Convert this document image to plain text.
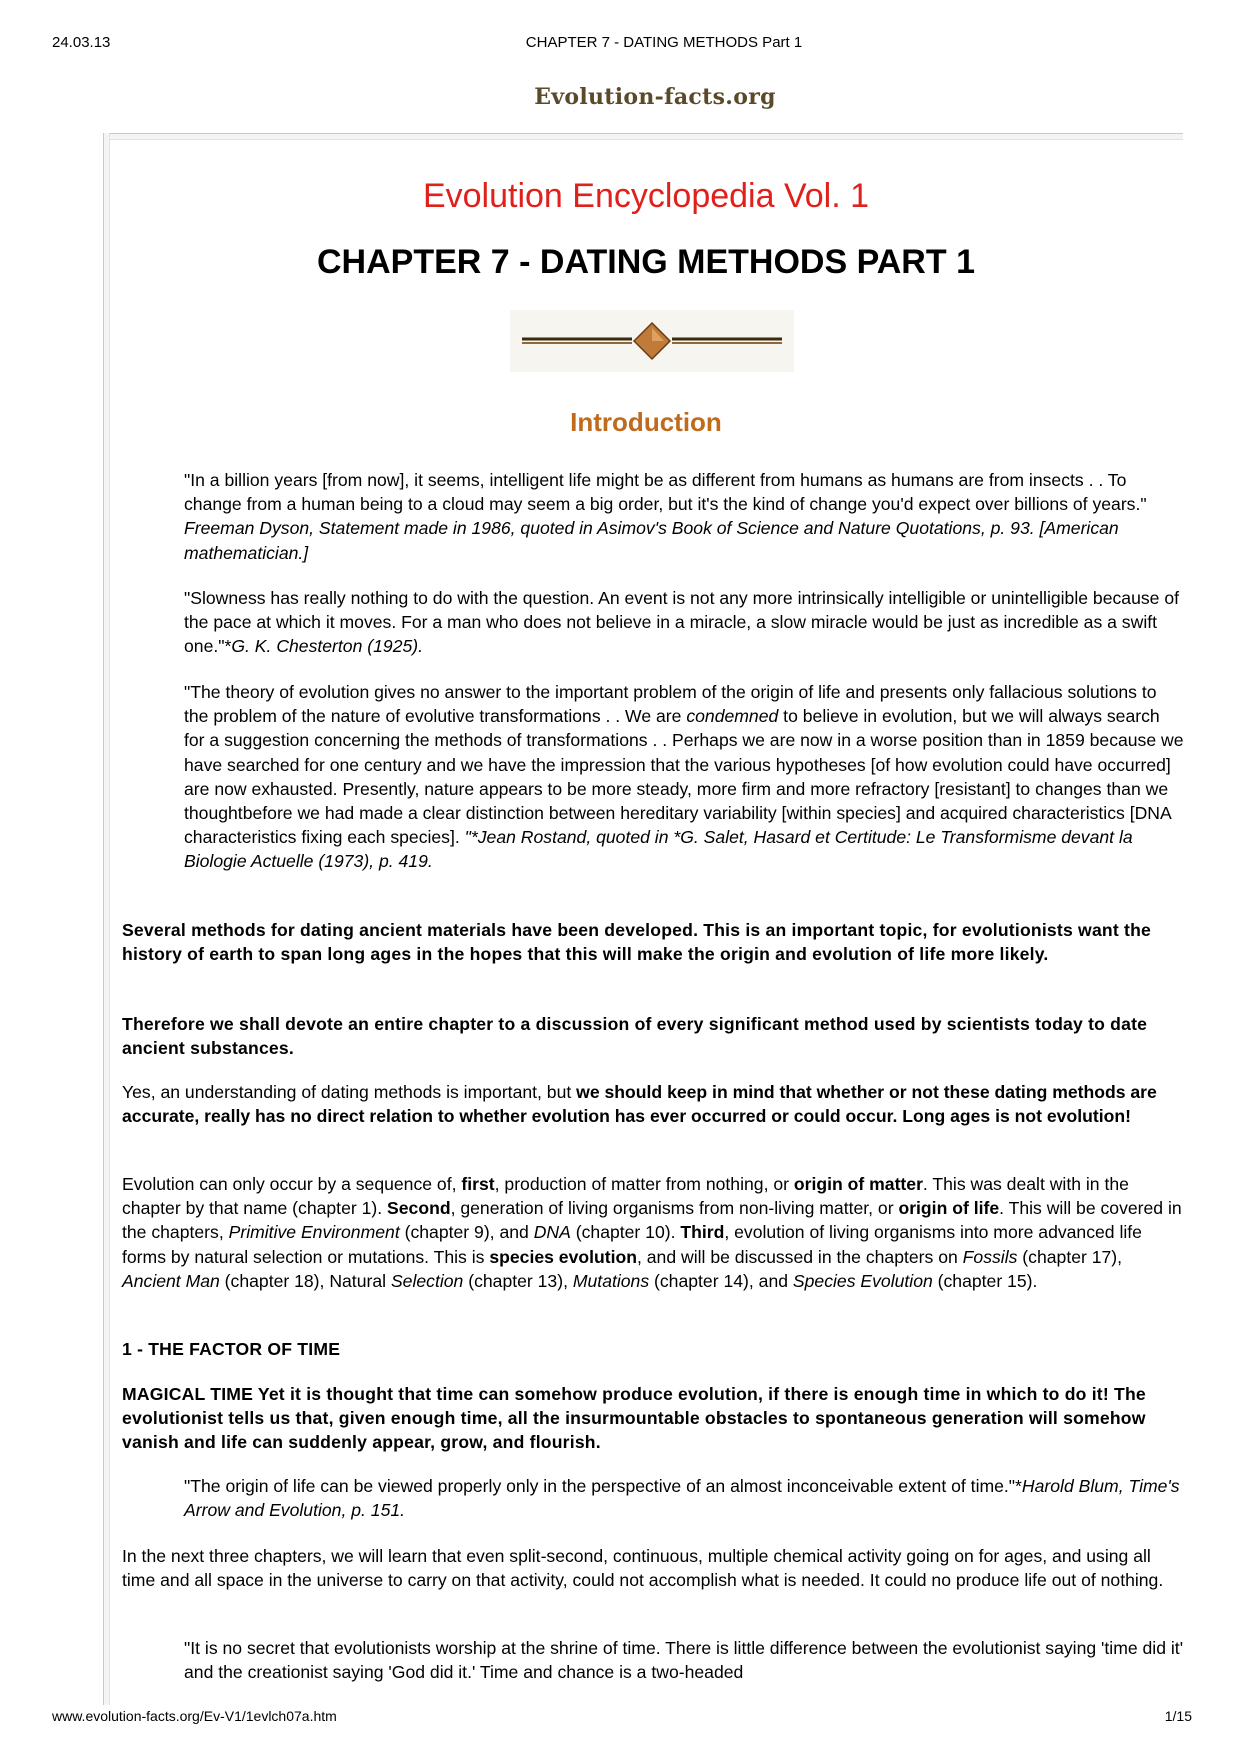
24.03.13	CHAPTER 7 - DATING METHODS Part 1
Evolution-facts.org
Evolution Encyclopedia Vol. 1
CHAPTER 7 - DATING METHODS PART 1
Introduction

"In a billion years [from now], it seems, intelligent life might be as different from humans as humans are from insects . . To change from a human being to a cloud may seem a big order, but it's the kind of change you'd expect over billions of years." Freeman Dyson, Statement made in 1986, quoted in Asimov's Book of Science and Nature Quotations, p. 93. [American mathematician.]

"Slowness has really nothing to do with the question. An event is not any more intrinsically intelligible or unintelligible because of the pace at which it moves. For a man who does not believe in a miracle, a slow miracle would be just as incredible as a swift one."*G. K. Chesterton (1925).

"The theory of evolution gives no answer to the important problem of the origin of life and presents only fallacious solutions to the problem of the nature of evolutive transformations . . We are condemned to believe in evolution, but we will always search for a suggestion concerning the methods of transformations . . Perhaps we are now in a worse position than in 1859 because we have searched for one century and we have the impression that the various hypotheses [of how evolution could have occurred] are now exhausted. Presently, nature appears to be more steady, more firm and more refractory [resistant] to changes than we thoughtbefore we had made a clear distinction between hereditary variability [within species] and acquired characteristics [DNA characteristics fixing each species]. "*Jean Rostand, quoted in *G. Salet, Hasard et Certitude: Le Transformisme devant la Biologie Actuelle (1973), p. 419.

Several methods for dating ancient materials have been developed. This is an important topic, for evolutionists want the history of earth to span long ages in the hopes that this will make the origin and evolution of life more likely.

Therefore we shall devote an entire chapter to a discussion of every significant method used by scientists today to date ancient substances.

Yes, an understanding of dating methods is important, but we should keep in mind that whether or not these dating methods are accurate, really has no direct relation to whether evolution has ever occurred or could occur. Long ages is not evolution!

Evolution can only occur by a sequence of, first, production of matter from nothing, or origin of matter. This was dealt with in the chapter by that name (chapter 1). Second, generation of living organisms from non-living matter, or origin of life. This will be covered in the chapters, Primitive Environment (chapter 9), and DNA (chapter 10). Third, evolution of living organisms into more advanced life forms by natural selection or mutations. This is species evolution, and will be discussed in the chapters on Fossils (chapter 17), Ancient Man (chapter 18), Natural Selection (chapter 13), Mutations (chapter 14), and Species Evolution (chapter 15).

1 - THE FACTOR OF TIME

MAGICAL TIME Yet it is thought that time can somehow produce evolution, if there is enough time in which to do it! The evolutionist tells us that, given enough time, all the insurmountable obstacles to spontaneous generation will somehow vanish and life can suddenly appear, grow, and flourish.

"The origin of life can be viewed properly only in the perspective of an almost inconceivable extent of time."*Harold Blum, Time's Arrow and Evolution, p. 151.

In the next three chapters, we will learn that even split-second, continuous, multiple chemical activity going on for ages, and using all time and all space in the universe to carry on that activity, could not accomplish what is needed. It could no produce life out of nothing.

"It is no secret that evolutionists worship at the shrine of time. There is little difference between the evolutionist saying 'time did it' and the creationist saying 'God did it.' Time and chance is a two-headed

www.evolution-facts.org/Ev-V1/1evlch07a.htm	1/15
